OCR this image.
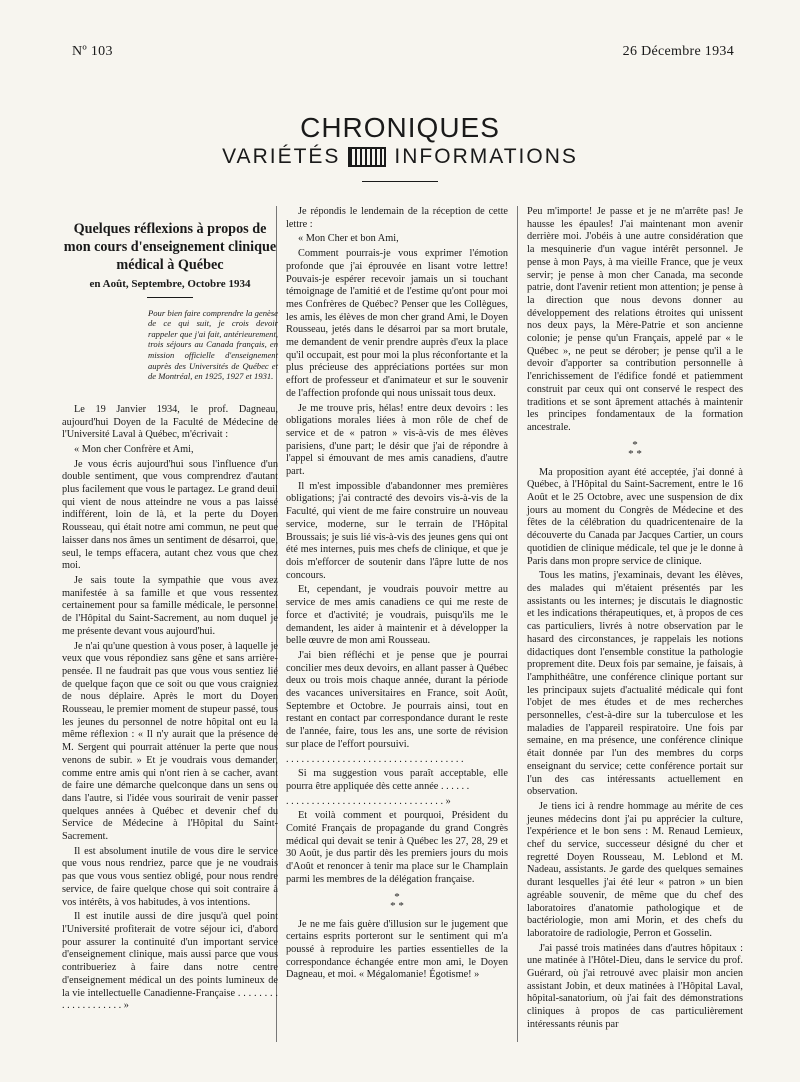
Nº 103	26 Décembre 1934
CHRONIQUES
VARIÉTÉS	INFORMATIONS
Quelques réflexions à propos de mon cours d'enseignement clinique médical à Québec
en Août, Septembre, Octobre 1934
Pour bien faire comprendre la genèse de ce qui suit, je crois devoir rappeler que j'ai fait, antérieurement, trois séjours au Canada français, en mission officielle d'enseignement auprès des Universités de Québec et de Montréal, en 1925, 1927 et 1931.

Le 19 Janvier 1934, le prof. Dagneau, aujourd'hui Doyen de la Faculté de Médecine de l'Université Laval à Québec, m'écrivait :

« Mon cher Confrère et Ami,

Je vous écris aujourd'hui sous l'influence d'un double sentiment, que vous comprendrez d'autant plus facilement que vous le partagez. Le grand deuil qui vient de nous atteindre ne vous a pas laissé indifférent, loin de là, et la perte du Doyen Rousseau, qui était notre ami commun, ne peut que laisser dans nos âmes un sentiment de désarroi, que, seul, le temps effacera, autant chez vous que chez moi.

Je sais toute la sympathie que vous avez manifestée à sa famille et que vous ressentez certainement pour sa famille médicale, le personnel de l'Hôpital du Saint-Sacrement, au nom duquel je me présente devant vous aujourd'hui.

Je n'ai qu'une question à vous poser, à laquelle je veux que vous répondiez sans gêne et sans arrière-pensée. Il ne faudrait pas que vous vous sentiez lié de quelque façon que ce soit ou que vous craigniez de nous déplaire. Après le mort du Doyen Rousseau, le premier moment de stupeur passé, tous les jeunes du personnel de notre hôpital ont eu la même réflexion : « Il n'y aurait que la présence de M. Sergent qui pourrait atténuer la perte que nous venons de subir. » Et je voudrais vous demander, comme entre amis qui n'ont rien à se cacher, avant de faire une démarche quelconque dans un sens ou dans l'autre, si l'idée vous sourirait de venir passer quelques années à Québec et devenir chef du Service de Médecine à l'Hôpital du Saint-Sacrement.

Il est absolument inutile de vous dire le service que vous nous rendriez, parce que je ne voudrais pas que vous vous sentiez obligé, pour nous rendre service, de faire quelque chose qui soit contraire à vos intérêts, à vos habitudes, à vos intentions.

Il est inutile aussi de dire jusqu'à quel point l'Université profiterait de votre séjour ici, d'abord pour assurer la continuité d'un important service d'enseignement clinique, mais aussi parce que vous contribueriez à faire dans notre centre d'enseignement médical un des points lumineux de la vie intellectuelle Canadienne-Française . . . . . . . . . . . . . . . . . . . . »

Je répondis le lendemain de la réception de cette lettre :

« Mon Cher et bon Ami,

Comment pourrais-je vous exprimer l'émotion profonde que j'ai éprouvée en lisant votre lettre! Pouvais-je espérer recevoir jamais un si touchant témoignage de l'amitié et de l'estime qu'ont pour moi mes Confrères de Québec? Penser que les Collègues, les amis, les élèves de mon cher grand Ami, le Doyen Rousseau, jetés dans le désarroi par sa mort brutale, me demandent de venir prendre auprès d'eux la place qu'il occupait, est pour moi la plus réconfortante et la plus précieuse des appréciations portées sur mon effort de professeur et d'animateur et sur le souvenir de l'affection profonde qui nous unissait tous deux.

Je me trouve pris, hélas! entre deux devoirs : les obligations morales liées à mon rôle de chef de service et de « patron » vis-à-vis de mes élèves parisiens, d'une part; le désir que j'ai de répondre à l'appel si émouvant de mes amis canadiens, d'autre part.

Il m'est impossible d'abandonner mes premières obligations; j'ai contracté des devoirs vis-à-vis de la Faculté, qui vient de me faire construire un nouveau service, moderne, sur le terrain de l'Hôpital Broussais; je suis lié vis-à-vis des jeunes gens qui ont été mes internes, puis mes chefs de clinique, et que je dois m'efforcer de soutenir dans l'âpre lutte de nos concours.

Et, cependant, je voudrais pouvoir mettre au service de mes amis canadiens ce qui me reste de force et d'activité; je voudrais, puisqu'ils me le demandent, les aider à maintenir et à développer la belle œuvre de mon ami Rousseau.

J'ai bien réfléchi et je pense que je pourrai concilier mes deux devoirs, en allant passer à Québec deux ou trois mois chaque année, durant la période des vacances universitaires en France, soit Août, Septembre et Octobre. Je pourrais ainsi, tout en restant en contact par correspondance durant le reste de l'année, faire, tous les ans, une sorte de révision sur place de l'effort poursuivi.

. . . . . . . . . . . . . . . . . . . . . . . . . . . . . . . . . . .

Si ma suggestion vous paraît acceptable, elle pourra être appliquée dès cette année . . . . . .

. . . . . . . . . . . . . . . . . . . . . . . . . . . . . . . »

Et voilà comment et pourquoi, Président du Comité Français de propagande du grand Congrès médical qui devait se tenir à Québec les 27, 28, 29 et 30 Août, je dus partir dès les premiers jours du mois d'Août et renoncer à tenir ma place sur le Champlain parmi les membres de la délégation française.

*
* *

Je ne me fais guère d'illusion sur le jugement que certains esprits porteront sur le sentiment qui m'a poussé à reproduire les parties essentielles de la correspondance échangée entre mon ami, le Doyen Dagneau, et moi. « Mégalomanie! Égotisme! »

Peu m'importe! Je passe et je ne m'arrête pas! Je hausse les épaules! J'ai maintenant mon avenir derrière moi. J'obéis à une autre considération que la mesquinerie d'un vague intérêt personnel. Je pense à mon Pays, à ma vieille France, que je veux servir; je pense à mon cher Canada, ma seconde patrie, dont l'avenir retient mon attention; je pense à la direction que nous devons donner au développement des relations étroites qui unissent nos deux pays, la Mère-Patrie et son ancienne colonie; je pense qu'un Français, appelé par « le Québec », ne peut se dérober; je pense qu'il a le devoir d'apporter sa contribution personnelle à l'enrichissement de l'édifice fondé et patiemment construit par ceux qui ont conservé le respect des traditions et se sont âprement attachés à maintenir les principes fondamentaux de la formation ancestrale.

*
* *

Ma proposition ayant été acceptée, j'ai donné à Québec, à l'Hôpital du Saint-Sacrement, entre le 16 Août et le 25 Octobre, avec une suspension de dix jours au moment du Congrès de Médecine et des fêtes de la célébration du quadricentenaire de la découverte du Canada par Jacques Cartier, un cours quotidien de clinique médicale, tel que je le donne à Paris dans mon propre service de clinique.

Tous les matins, j'examinais, devant les élèves, des malades qui m'étaient présentés par les assistants ou les internes; je discutais le diagnostic et les indications thérapeutiques, et, à propos de ces cas particuliers, livrés à notre observation par le hasard des circonstances, je rappelais les notions didactiques dont l'ensemble constitue la pathologie proprement dite. Deux fois par semaine, je faisais, à l'amphithéâtre, une conférence clinique portant sur les principaux sujets d'actualité médicale qui font l'objet de mes études et de mes recherches personnelles, c'est-à-dire sur la tuberculose et les maladies de l'appareil respiratoire. Une fois par semaine, en ma présence, une conférence clinique était donnée par l'un des membres du corps enseignant du service; cette conférence portait sur l'un des cas intéressants actuellement en observation.

Je tiens ici à rendre hommage au mérite de ces jeunes médecins dont j'ai pu apprécier la culture, l'expérience et le bon sens : M. Renaud Lemieux, chef du service, successeur désigné du cher et regretté Doyen Rousseau, M. Leblond et M. Nadeau, assistants. Je garde des quelques semaines durant lesquelles j'ai été leur « patron » un bien agréable souvenir, de même que du chef des laboratoires d'anatomie pathologique et de bactériologie, mon ami Morin, et des chefs du laboratoire de radiologie, Perron et Gosselin.

J'ai passé trois matinées dans d'autres hôpitaux : une matinée à l'Hôtel-Dieu, dans le service du prof. Guérard, où j'ai retrouvé avec plaisir mon ancien assistant Jobin, et deux matinées à l'Hôpital Laval, hôpital-sanatorium, où j'ai fait des démonstrations cliniques à propos de cas particulièrement intéressants réunis par
